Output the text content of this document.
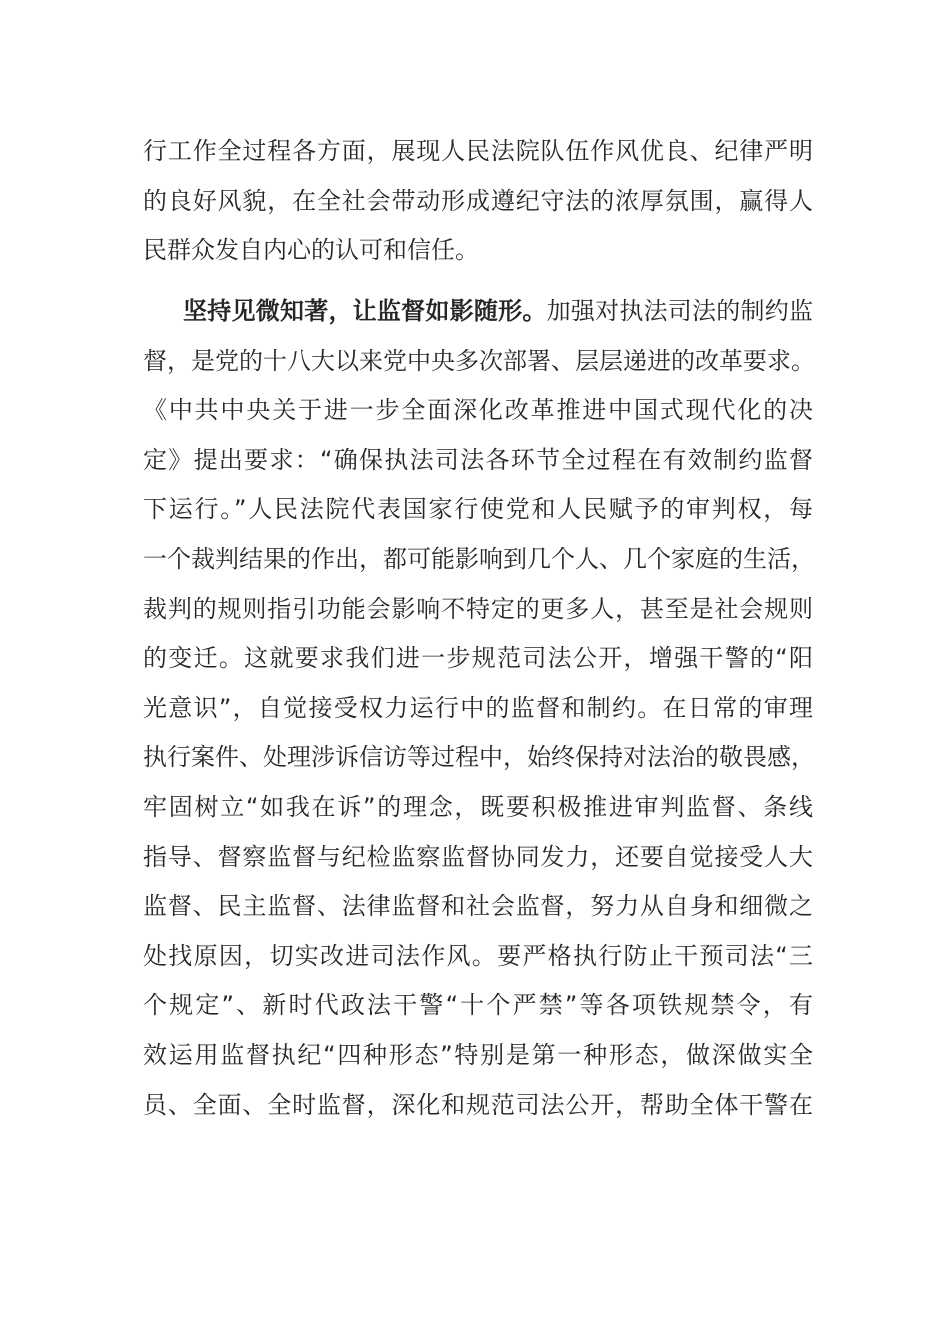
行工作全过程各方面，展现人民法院队伍作风优良、纪律严明
的良好风貌，在全社会带动形成遵纪守法的浓厚氛围，赢得人
民群众发自内心的认可和信任。
坚持见微知著，让监督如影随形。加强对执法司法的制约监
督，是党的十八大以来党中央多次部署、层层递进的改革要求。
《中共中央关于进一步全面深化改革推进中国式现代化的决
定》提出要求：“确保执法司法各环节全过程在有效制约监督
下运行。”人民法院代表国家行使党和人民赋予的审判权，每
一个裁判结果的作出，都可能影响到几个人、几个家庭的生活，
裁判的规则指引功能会影响不特定的更多人，甚至是社会规则
的变迁。这就要求我们进一步规范司法公开，增强干警的“阳
光意识”，自觉接受权力运行中的监督和制约。在日常的审理
执行案件、处理涉诉信访等过程中，始终保持对法治的敬畏感，
牢固树立“如我在诉”的理念，既要积极推进审判监督、条线
指导、督察监督与纪检监察监督协同发力，还要自觉接受人大
监督、民主监督、法律监督和社会监督，努力从自身和细微之
处找原因，切实改进司法作风。要严格执行防止干预司法“三
个规定”、新时代政法干警“十个严禁”等各项铁规禁令，有
效运用监督执纪“四种形态”特别是第一种形态，做深做实全
员、全面、全时监督，深化和规范司法公开，帮助全体干警在
